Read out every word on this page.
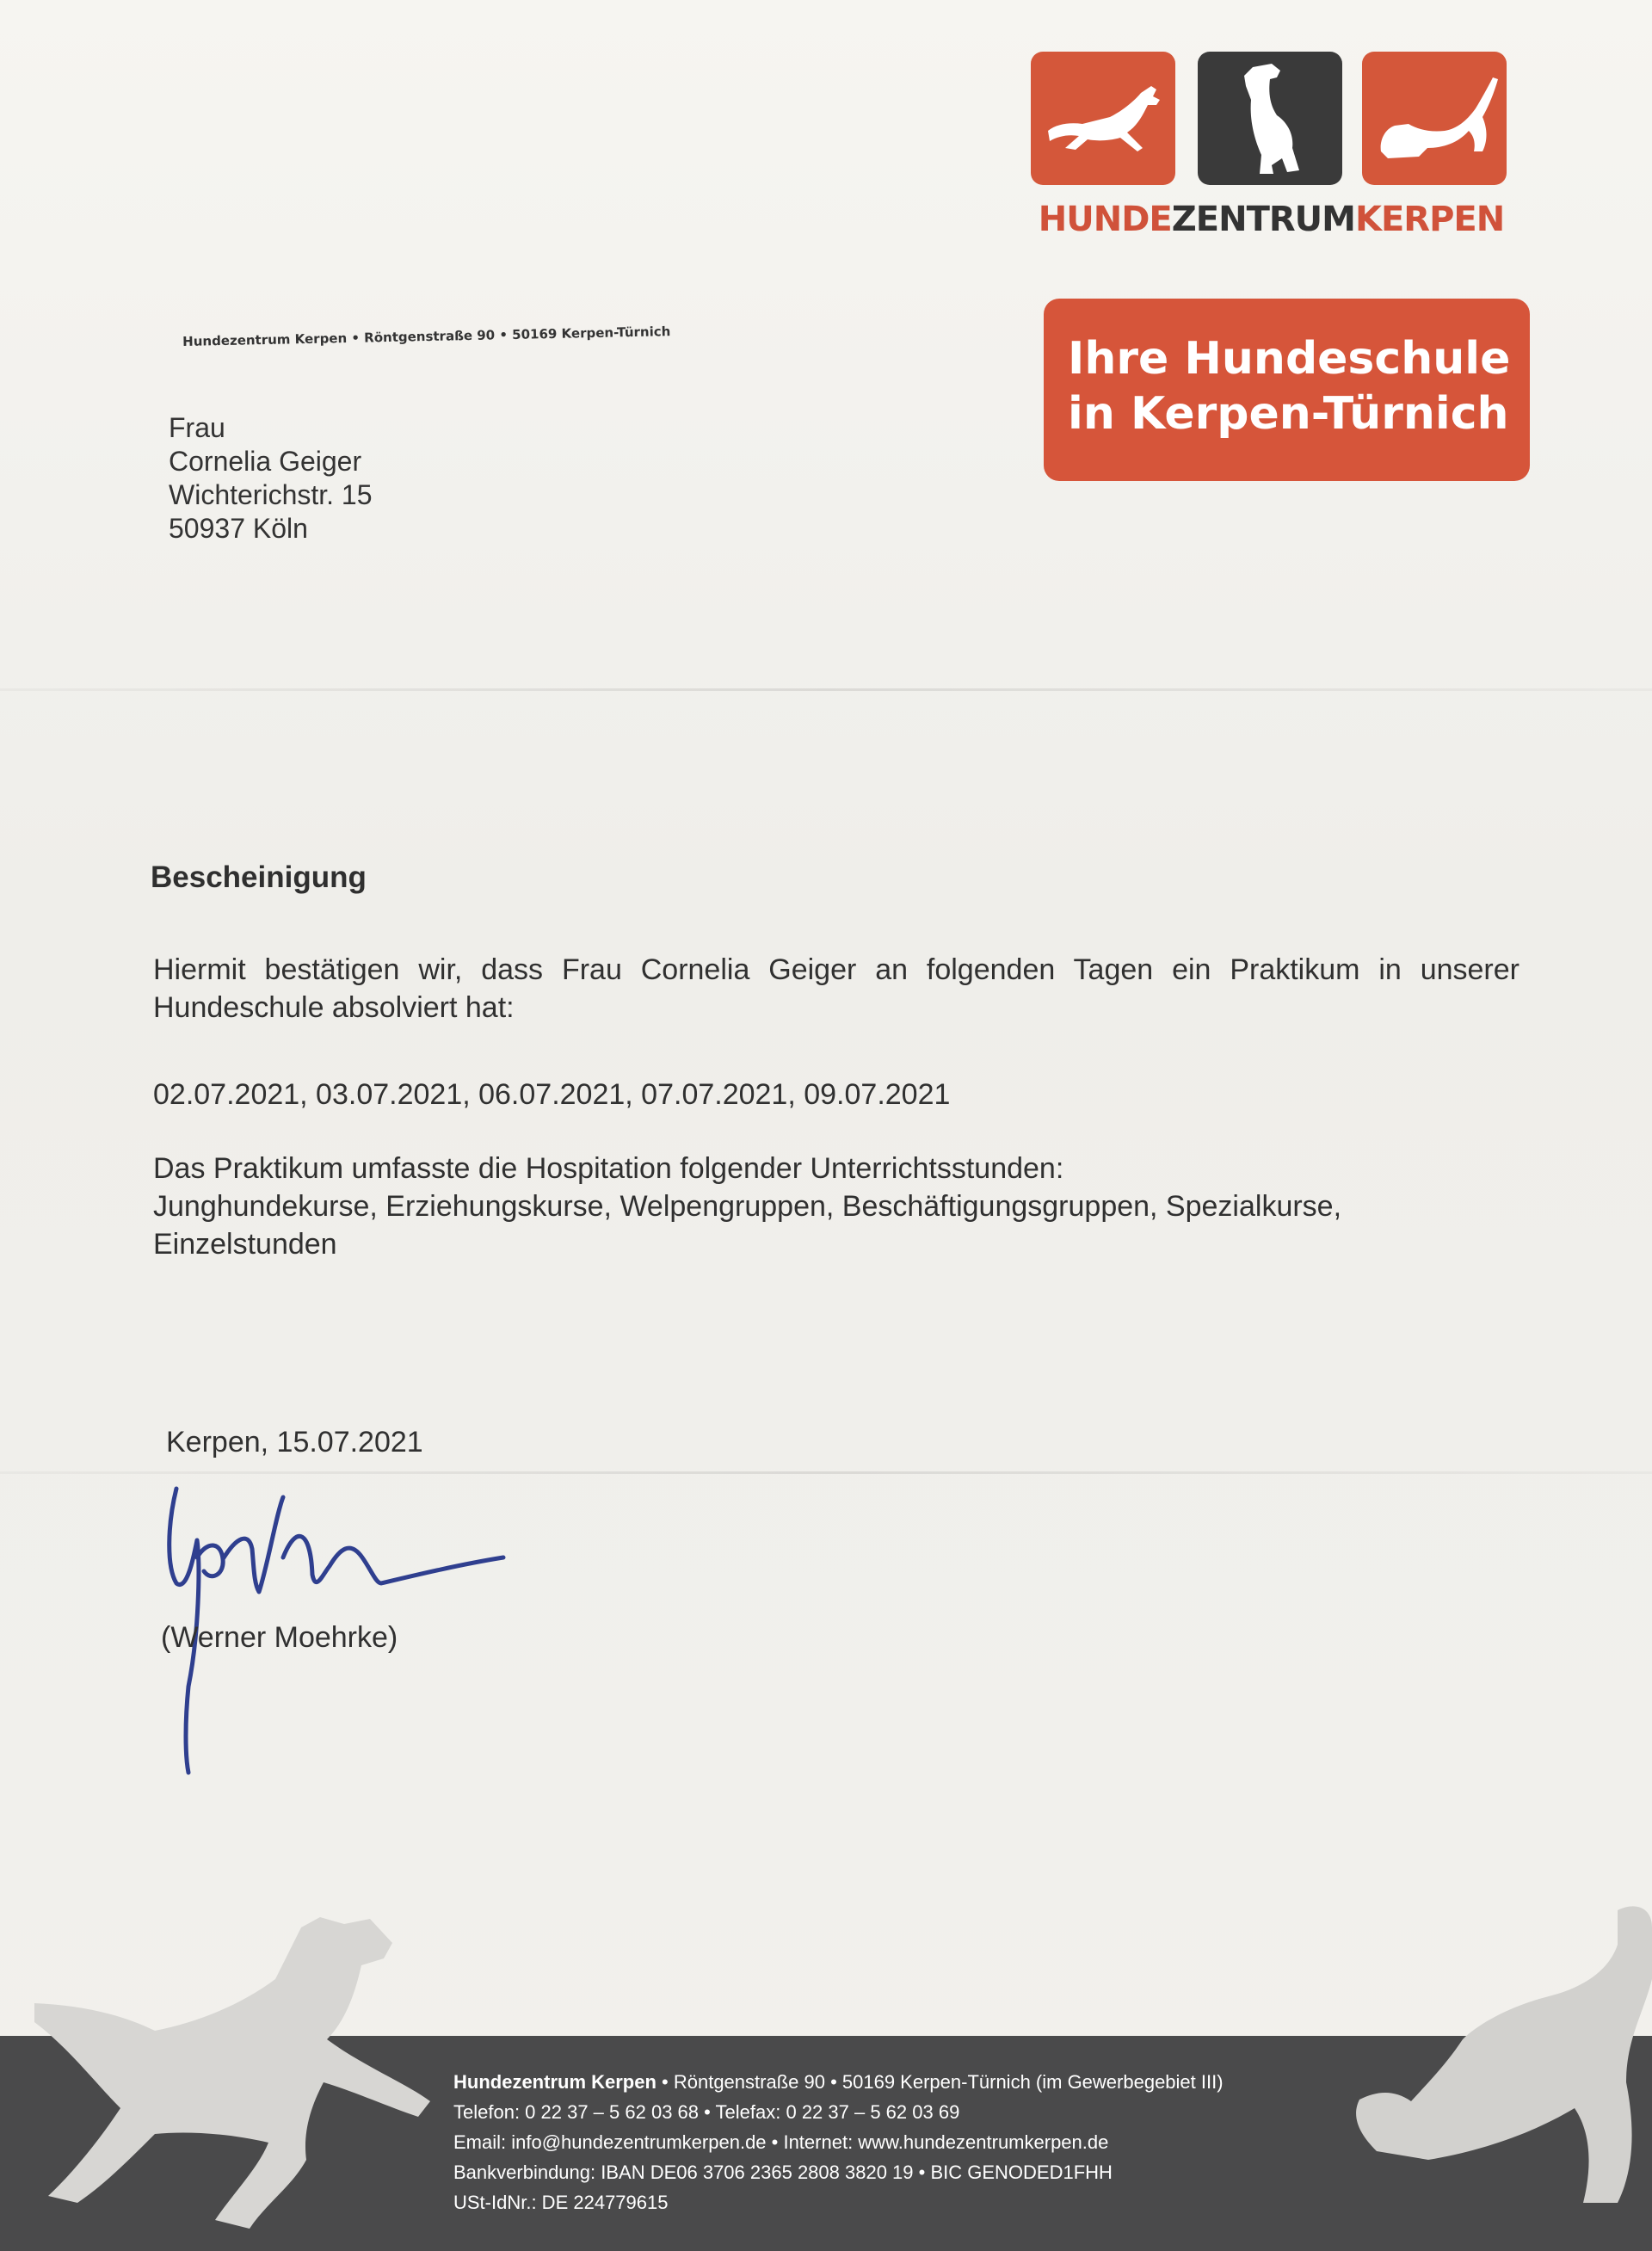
HUNDEZENTRUMKERPEN
Ihre Hundeschule
in Kerpen-Türnich
Hundezentrum Kerpen • Röntgenstraße 90 • 50169 Kerpen-Türnich
Frau
Cornelia Geiger
Wichterichstr. 15
50937 Köln
Bescheinigung
Hiermit bestätigen wir, dass Frau Cornelia Geiger an folgenden Tagen ein Praktikum in unserer Hundeschule absolviert hat:
02.07.2021, 03.07.2021, 06.07.2021, 07.07.2021, 09.07.2021
Das Praktikum umfasste die Hospitation folgender Unterrichtsstunden:
Junghundekurse, Erziehungskurse, Welpengruppen, Beschäftigungsgruppen, Spezialkurse, Einzelstunden
Kerpen, 15.07.2021
(Werner Moehrke)
Hundezentrum Kerpen • Röntgenstraße 90 • 50169 Kerpen-Türnich (im Gewerbegebiet III)
Telefon: 0 22 37 – 5 62 03 68 • Telefax: 0 22 37 – 5 62 03 69
Email: info@hundezentrumkerpen.de • Internet: www.hundezentrumkerpen.de
Bankverbindung: IBAN DE06 3706 2365 2808 3820 19 • BIC GENODED1FHH
USt-IdNr.: DE 224779615
